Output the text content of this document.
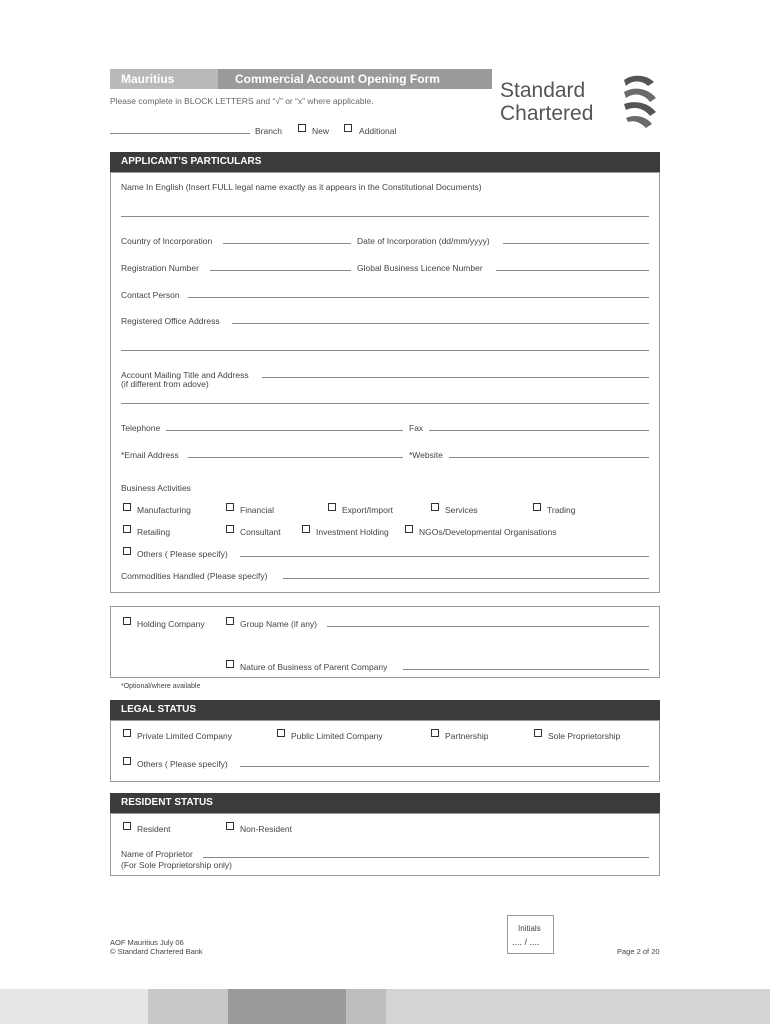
Mauritius	Commercial Account Opening Form
Please complete in BLOCK LETTERS and “√” or “x” where applicable.
Branch	New	Additional
Standard
Chartered
APPLICANT’S PARTICULARS
Name In English (Insert FULL legal name exactly as it appears in the Constitutional Documents)
Country of Incorporation	Date of Incorporation (dd/mm/yyyy)
Registration Number	Global Business Licence Number
Contact Person
Registered Office Address
Account Mailing Title and Address
(if different from adove)
Telephone	Fax
*Email Address	*Website
Business Activities
Manufacturing	Financial	Export/Import	Services	Trading
Retailing	Consultant	Investment Holding	NGOs/Developmental Organisations
Others ( Please specify)
Commodities Handled (Please specify)
Holding Company	Group Name (if any)
Nature of Business of Parent Company
*Optional/where available
LEGAL STATUS
Private Limited Company	Public Limited Company	Partnership	Sole Proprietorship
Others ( Please specify)
RESIDENT STATUS
Resident	Non-Resident
Name of Proprietor
(For Sole Proprietorship only)
AOF Mauritius July 06
© Standard Chartered Bank
Initials
.... / ....
Page 2 of 20
